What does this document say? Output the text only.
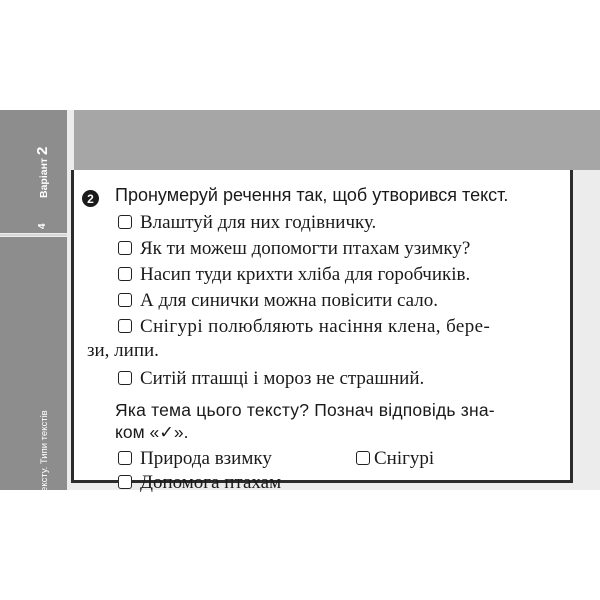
Варіант 2
4
Що таке текст. Мета тексту. Типи текстів
2 Пронумеруй речення так, щоб утворився текст.
Влаштуй для них годівничку.
Як ти можеш допомогти птахам узимку?
Насип туди крихти хліба для горобчиків.
А для синички можна повісити сало.
Снігурі полюбляють насіння клена, бере-
зи, липи.
Ситій пташці і мороз не страшний.
Яка тема цього тексту? Познач відповідь зна-
ком «✓».
Природа взимку	Снігурі
Допомога птахам
